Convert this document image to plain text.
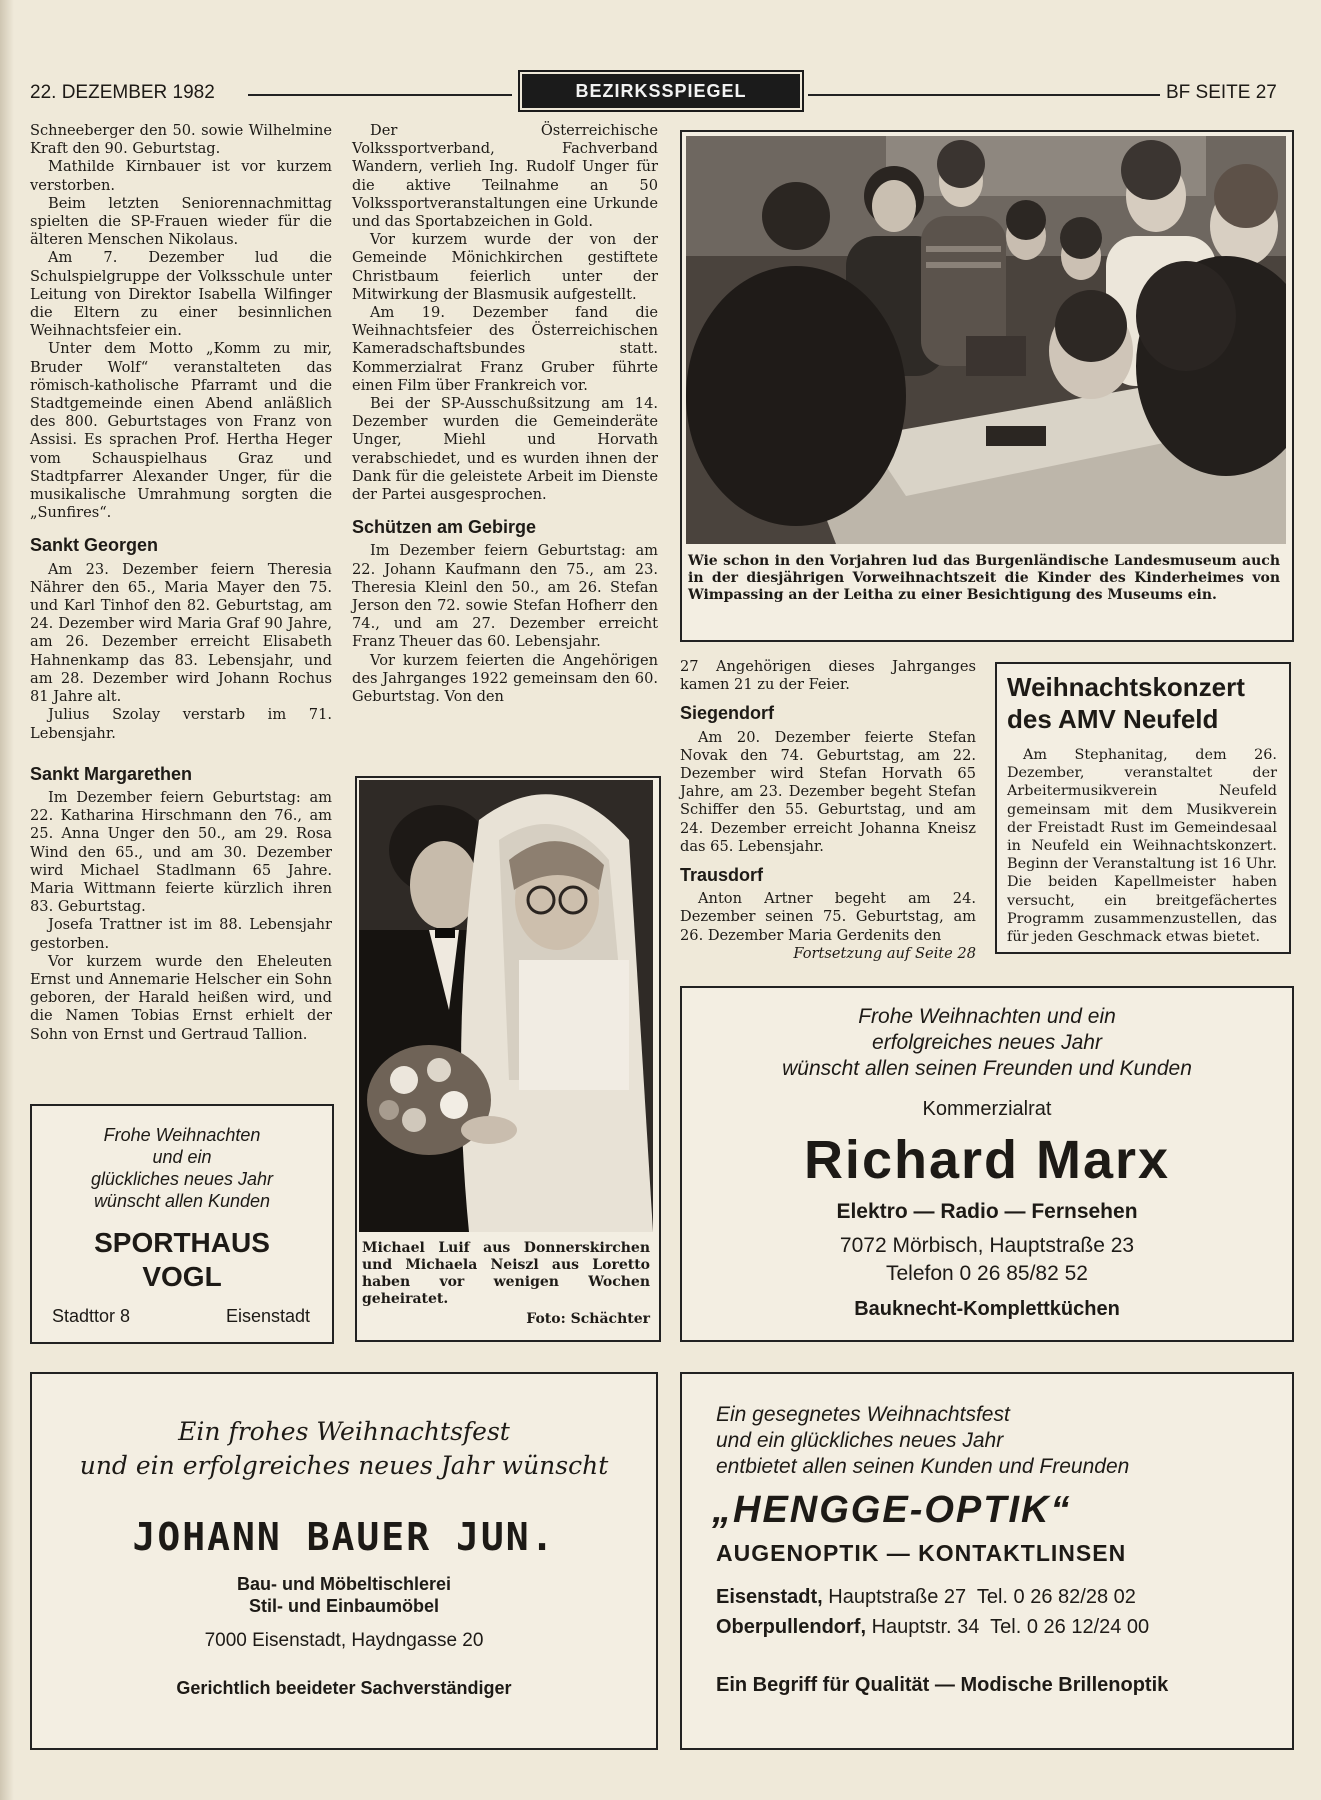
22. DEZEMBER 1982	BEZIRKSSPIEGEL	BF SEITE 27

Schneeberger den 50. sowie Wilhelmine Kraft den 90. Geburtstag.

Mathilde Kirnbauer ist vor kurzem verstorben.

Beim letzten Seniorennachmittag spielten die SP-Frauen wieder für die älteren Menschen Nikolaus.

Am 7. Dezember lud die Schulspielgruppe der Volksschule unter Leitung von Direktor Isabella Wilfinger die Eltern zu einer besinnlichen Weihnachtsfeier ein.

Unter dem Motto „Komm zu mir, Bruder Wolf“ veranstalteten das römisch-katholische Pfarramt und die Stadtgemeinde einen Abend anläßlich des 800. Geburtstages von Franz von Assisi. Es sprachen Prof. Hertha Heger vom Schauspielhaus Graz und Stadtpfarrer Alexander Unger, für die musikalische Umrahmung sorgten die „Sunfires“.

Sankt Georgen

Am 23. Dezember feiern Theresia Nährer den 65., Maria Mayer den 75. und Karl Tinhof den 82. Geburtstag, am 24. Dezember wird Maria Graf 90 Jahre, am 26. Dezember erreicht Elisabeth Hahnenkamp das 83. Lebensjahr, und am 28. Dezember wird Johann Rochus 81 Jahre alt.

Julius Szolay verstarb im 71. Lebensjahr.

Sankt Margarethen

Im Dezember feiern Geburtstag: am 22. Katharina Hirschmann den 76., am 25. Anna Unger den 50., am 29. Rosa Wind den 65., und am 30. Dezember wird Michael Stadlmann 65 Jahre. Maria Wittmann feierte kürzlich ihren 83. Geburtstag.

Josefa Trattner ist im 88. Lebensjahr gestorben.

Vor kurzem wurde den Eheleuten Ernst und Annemarie Helscher ein Sohn geboren, der Harald heißen wird, und die Namen Tobias Ernst erhielt der Sohn von Ernst und Gertraud Tallion.

Der Österreichische Volkssportverband, Fachverband Wandern, verlieh Ing. Rudolf Unger für die aktive Teilnahme an 50 Volkssportveranstaltungen eine Urkunde und das Sportabzeichen in Gold.

Vor kurzem wurde der von der Gemeinde Mönichkirchen gestiftete Christbaum feierlich unter der Mitwirkung der Blasmusik aufgestellt.

Am 19. Dezember fand die Weihnachtsfeier des Österreichischen Kameradschaftsbundes statt. Kommerzialrat Franz Gruber führte einen Film über Frankreich vor.

Bei der SP-Ausschußsitzung am 14. Dezember wurden die Gemeinderäte Unger, Miehl und Horvath verabschiedet, und es wurden ihnen der Dank für die geleistete Arbeit im Dienste der Partei ausgesprochen.

Schützen am Gebirge

Im Dezember feiern Geburtstag: am 22. Johann Kaufmann den 75., am 23. Theresia Kleinl den 50., am 26. Stefan Jerson den 72. sowie Stefan Hofherr den 74., und am 27. Dezember erreicht Franz Theuer das 60. Lebensjahr.

Vor kurzem feierten die Angehörigen des Jahrganges 1922 gemeinsam den 60. Geburtstag. Von den

Wie schon in den Vorjahren lud das Burgenländische Landesmuseum auch in der diesjährigen Vorweihnachtszeit die Kinder des Kinderheimes von Wimpassing an der Leitha zu einer Besichtigung des Museums ein.

27 Angehörigen dieses Jahrganges kamen 21 zu der Feier.

Siegendorf

Am 20. Dezember feierte Stefan Novak den 74. Geburtstag, am 22. Dezember wird Stefan Horvath 65 Jahre, am 23. Dezember begeht Stefan Schiffer den 55. Geburtstag, und am 24. Dezember erreicht Johanna Kneisz das 65. Lebensjahr.

Trausdorf

Anton Artner begeht am 24. Dezember seinen 75. Geburtstag, am 26. Dezember Maria Gerdenits den

Fortsetzung auf Seite 28
Weihnachtskonzert
des AMV Neufeld
Am Stephanitag, dem 26. Dezember, veranstaltet der Arbeitermusikverein Neufeld gemeinsam mit dem Musikverein der Freistadt Rust im Gemeindesaal in Neufeld ein Weihnachtskonzert. Beginn der Veranstaltung ist 16 Uhr. Die beiden Kapellmeister haben versucht, ein breitgefächertes Programm zusammenzustellen, das für jeden Geschmack etwas bietet.
Michael Luif aus Donnerskirchen und Michaela Neiszl aus Loretto haben vor wenigen Wochen geheiratet.
Foto: Schächter
Frohe Weihnachten
und ein
glückliches neues Jahr
wünscht allen Kunden
SPORTHAUS
VOGL
Stadttor 8	Eisenstadt
Frohe Weihnachten und ein
erfolgreiches neues Jahr
wünscht allen seinen Freunden und Kunden
Kommerzialrat
Richard Marx
Elektro — Radio — Fernsehen
7072 Mörbisch, Hauptstraße 23
Telefon 0 26 85/82 52
Bauknecht-Komplettküchen
Ein frohes Weihnachtsfest
und ein erfolgreiches neues Jahr wünscht
JOHANN BAUER JUN.
Bau- und Möbeltischlerei
Stil- und Einbaumöbel
7000 Eisenstadt, Haydngasse 20
Gerichtlich beeideter Sachverständiger
Ein gesegnetes Weihnachtsfest
und ein glückliches neues Jahr
entbietet allen seinen Kunden und Freunden
„HENGGE-OPTIK“
AUGENOPTIK — KONTAKTLINSEN
Eisenstadt, Hauptstraße 27  Tel. 0 26 82/28 02
Oberpullendorf, Hauptstr. 34  Tel. 0 26 12/24 00
Ein Begriff für Qualität — Modische Brillenoptik
